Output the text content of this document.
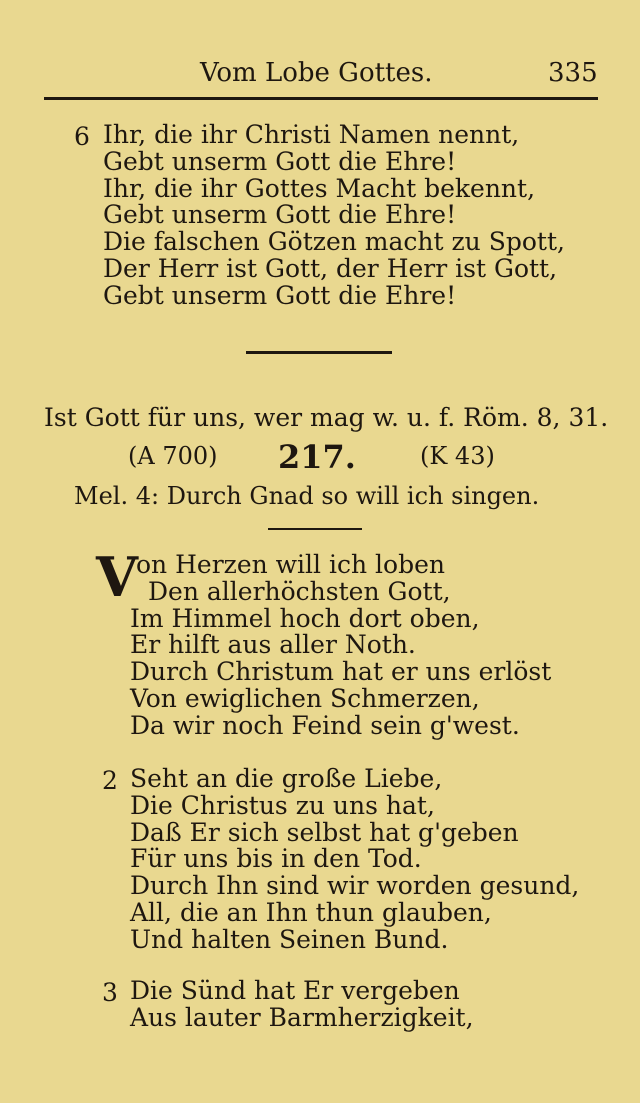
Vom Lobe Gottes.	335
6 Ihr, die ihr Christi Namen nennt,
Gebt unserm Gott die Ehre!
Ihr, die ihr Gottes Macht bekennt,
Gebt unserm Gott die Ehre!
Die falschen Götzen macht zu Spott,
Der Herr ist Gott, der Herr ist Gott,
Gebt unserm Gott die Ehre!
Ist Gott für uns, wer mag w. u. f. Röm. 8, 31.
(A 700) 217.	(K 43)
Mel. 4: Durch Gnad so will ich singen.
V
on Herzen will ich loben
Den allerhöchsten Gott,
Im Himmel hoch dort oben,
Er hilft aus aller Noth.
Durch Christum hat er uns erlöst
Von ewiglichen Schmerzen,
Da wir noch Feind sein g'west.
2 Seht an die große Liebe,
Die Christus zu uns hat,
Daß Er sich selbst hat g'geben
Für uns bis in den Tod.
Durch Ihn sind wir worden gesund,
All, die an Ihn thun glauben,
Und halten Seinen Bund.
3 Die Sünd hat Er vergeben
Aus lauter Barmherzigkeit,
